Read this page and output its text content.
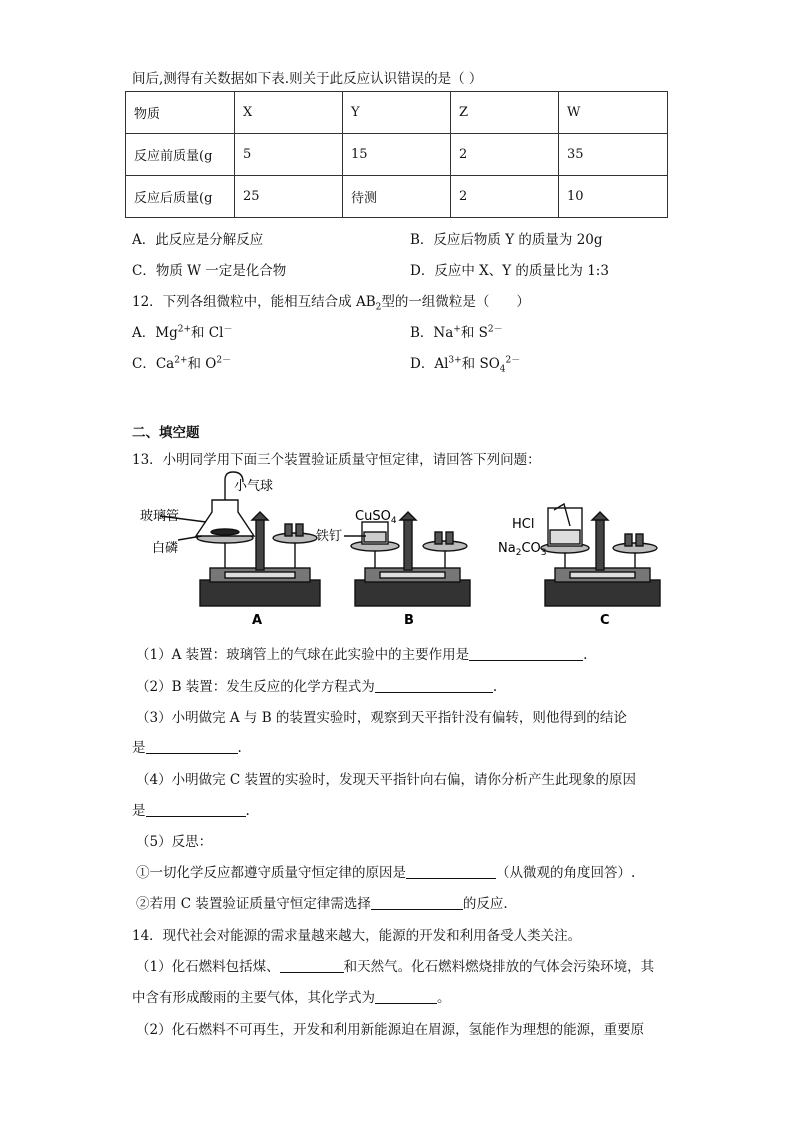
间后,测得有关数据如下表.则关于此反应认识错误的是（ ）
物质	X	Y	Z	W
反应前质量(g	5	15	2	35
反应后质量(g	25	待测	2	10
A．此反应是分解反应	B．反应后物质 Y 的质量为 20g
C．物质 W 一定是化合物	D．反应中 X、Y 的质量比为 1:3
12．下列各组微粒中，能相互结合成 $AB_2$型的一组微粒是（　　）
A．$Mg^{2+}$和 Cl－	B．Na+和 $S^{2-}$
C．$Ca^{2+}$和 $O^{2-}$	D．$Al^{3+}$和 $SO_4^{2-}$
二、填空题
13．小明同学用下面三个装置验证质量守恒定律，请回答下列问题：
小气球
玻璃管
白磷
A
CuSO$_4$
铁钉
B
HCl
$Na_2CO_3$
C
（1）A 装置：玻璃管上的气球在此实验中的主要作用是	.
（2）B 装置：发生反应的化学方程式为	.
（3）小明做完 A 与 B 的装置实验时，观察到天平指针没有偏转，则他得到的结论
是	.
（4）小明做完 C 装置的实验时，发现天平指针向右偏，请你分析产生此现象的原因
是	.
（5）反思：
①一切化学反应都遵守质量守恒定律的原因是	（从微观的角度回答）.
②若用 C 装置验证质量守恒定律需选择	的反应.
14．现代社会对能源的需求量越来越大，能源的开发和利用备受人类关注。
（1）化石燃料包括煤、	和天然气。化石燃料燃烧排放的气体会污染环境，其
中含有形成酸雨的主要气体，其化学式为	。
（2）化石燃料不可再生，开发和利用新能源迫在眉源，氢能作为理想的能源，重要原
